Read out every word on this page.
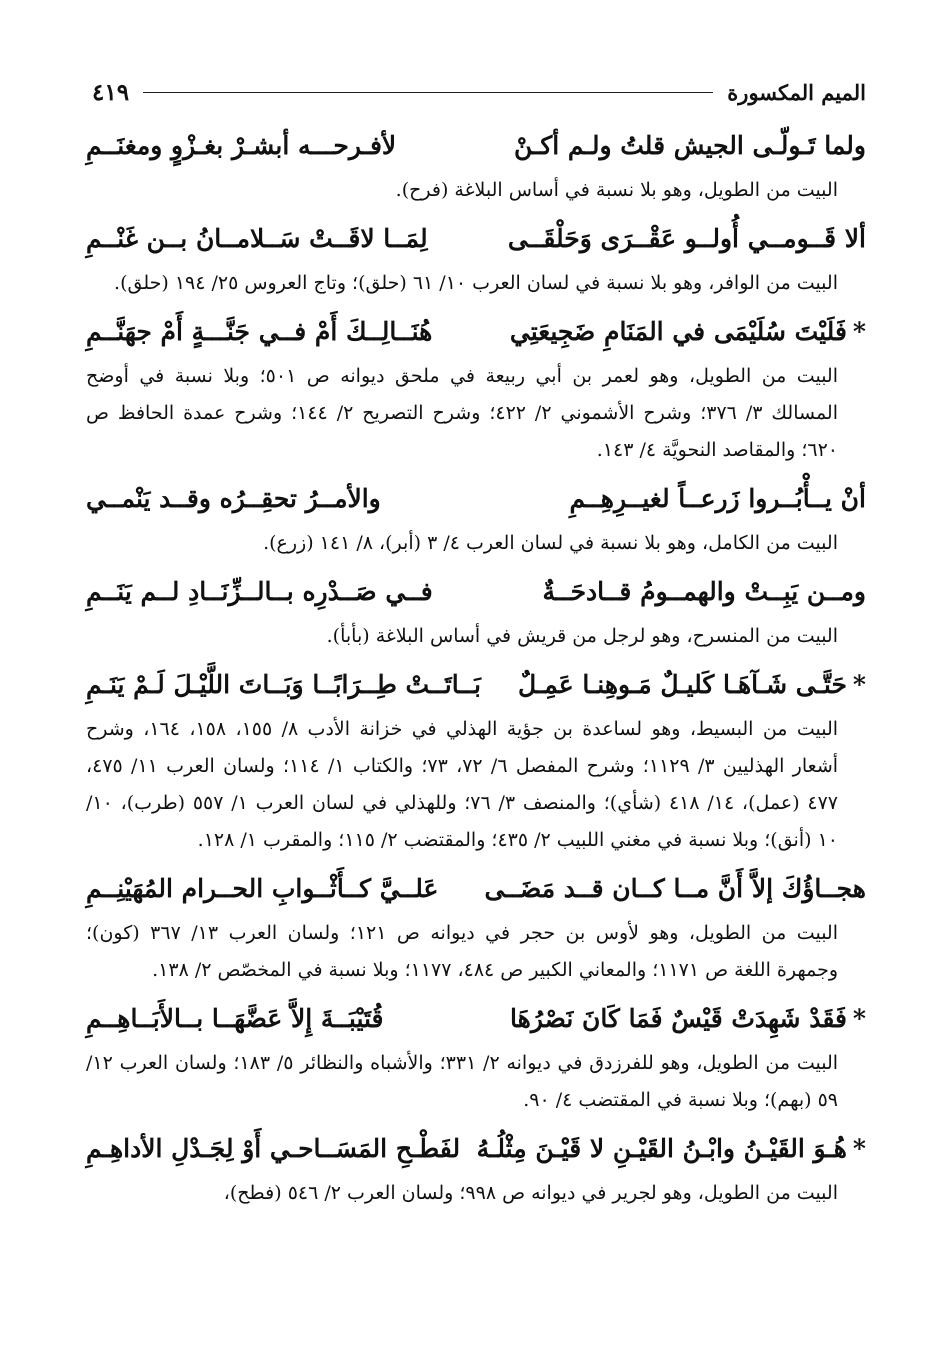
الميم المكسورة
٤١٩
ولما تَـولّـى الجيش قلتُ ولـم أكـنْ
لأفـرحـــه أبشـرْ بغـزْوٍ ومغنَــمِ
البيت من الطويل، وهو بلا نسبة في أساس البلاغة (فرح).
ألا قَــومــي أُولــو عَقْــرَى وَحَلْقَــى
لِمَــا لاقَــتْ سَــلامــانُ بــن غَنْــمِ
البيت من الوافر، وهو بلا نسبة في لسان العرب ١٠/ ٦١ (حلق)؛ وتاج العروس ٢٥/ ١٩٤ (حلق).
*فَلَيْتَ سُلَيْمَى في المَنَامِ ضَجِيعَتِي
هُنَــالِــكَ أَمْ فــي جَنَّـــةٍ أَمْ جهَنَّــمِ
البيت من الطويل، وهو لعمر بن أبي ربيعة في ملحق ديوانه ص ٥٠١؛ وبلا نسبة في أوضح المسالك ٣/ ٣٧٦؛ وشرح الأشموني ٢/ ٤٢٢؛ وشرح التصريح ٢/ ١٤٤؛ وشرح عمدة الحافظ ص ٦٢٠؛ والمقاصد النحويَّة ٤/ ١٤٣.
أنْ يــأْبُــروا زَرعــاً لغيــرِهِــمِ
والأمــرُ تحقِــرُه وقــد يَنْمــي
البيت من الكامل، وهو بلا نسبة في لسان العرب ٤/ ٣ (أبر)، ٨/ ١٤١ (زرع).
ومــن يَبِــتْ والهمــومُ قــادحَــةٌ
فــي صَــدْرِه بــالــزِّنَــادِ لــم يَنَــمِ
البيت من المنسرح، وهو لرجل من قريش في أساس البلاغة (بأبأ).
*حَتَّـى شَـآهَـا كَليـلٌ مَـوهِنـا عَمِـلٌ
بَــاتَــتْ طِــرَابًــا وَبَــاتَ اللَّيْـلَ لَـمْ يَنَـمِ
البيت من البسيط، وهو لساعدة بن جؤية الهذلي في خزانة الأدب ٨/ ١٥٥، ١٥٨، ١٦٤، وشرح أشعار الهذليين ٣/ ١١٢٩؛ وشرح المفصل ٦/ ٧٢، ٧٣؛ والكتاب ١/ ١١٤؛ ولسان العرب ١١/ ٤٧٥، ٤٧٧ (عمل)، ١٤/ ٤١٨ (شأي)؛ والمنصف ٣/ ٧٦؛ وللهذلي في لسان العرب ١/ ٥٥٧ (طرب)، ١٠/ ١٠ (أنق)؛ وبلا نسبة في مغني اللبيب ٢/ ٤٣٥؛ والمقتضب ٢/ ١١٥؛ والمقرب ١/ ١٢٨.
هجــاؤُكَ إلاَّ أَنَّ مــا كــان قــد مَضَــى
عَلــيَّ كــأَثْــوابِ الحــرام المُهَيْنِــمِ
البيت من الطويل، وهو لأوس بن حجر في ديوانه ص ١٢١؛ ولسان العرب ١٣/ ٣٦٧ (كون)؛ وجمهرة اللغة ص ١١٧١؛ والمعاني الكبير ص ٤٨٤، ١١٧٧؛ وبلا نسبة في المخصّص ٢/ ١٣٨.
*فَقَدْ شَهِدَتْ قَيْسٌ فَمَا كَانَ نَصْرُهَا
قُتَيْبَــةَ إِلاَّ عَضَّهَــا بــالأَبَــاهِــمِ
البيت من الطويل، وهو للفرزدق في ديوانه ٢/ ٣٣١؛ والأشباه والنظائر ٥/ ١٨٣؛ ولسان العرب ١٢/ ٥٩ (بهم)؛ وبلا نسبة في المقتضب ٤/ ٩٠.
*هُـوَ القَيْـنُ وابْـنُ القَيْـنِ لا قَيْـنَ مِثْلُـهُ
لفَطْـحِ المَسَــاحـي أَوْ لِجَـدْلِ الأداهِـمِ
البيت من الطويل، وهو لجرير في ديوانه ص ٩٩٨؛ ولسان العرب ٢/ ٥٤٦ (فطح)،
